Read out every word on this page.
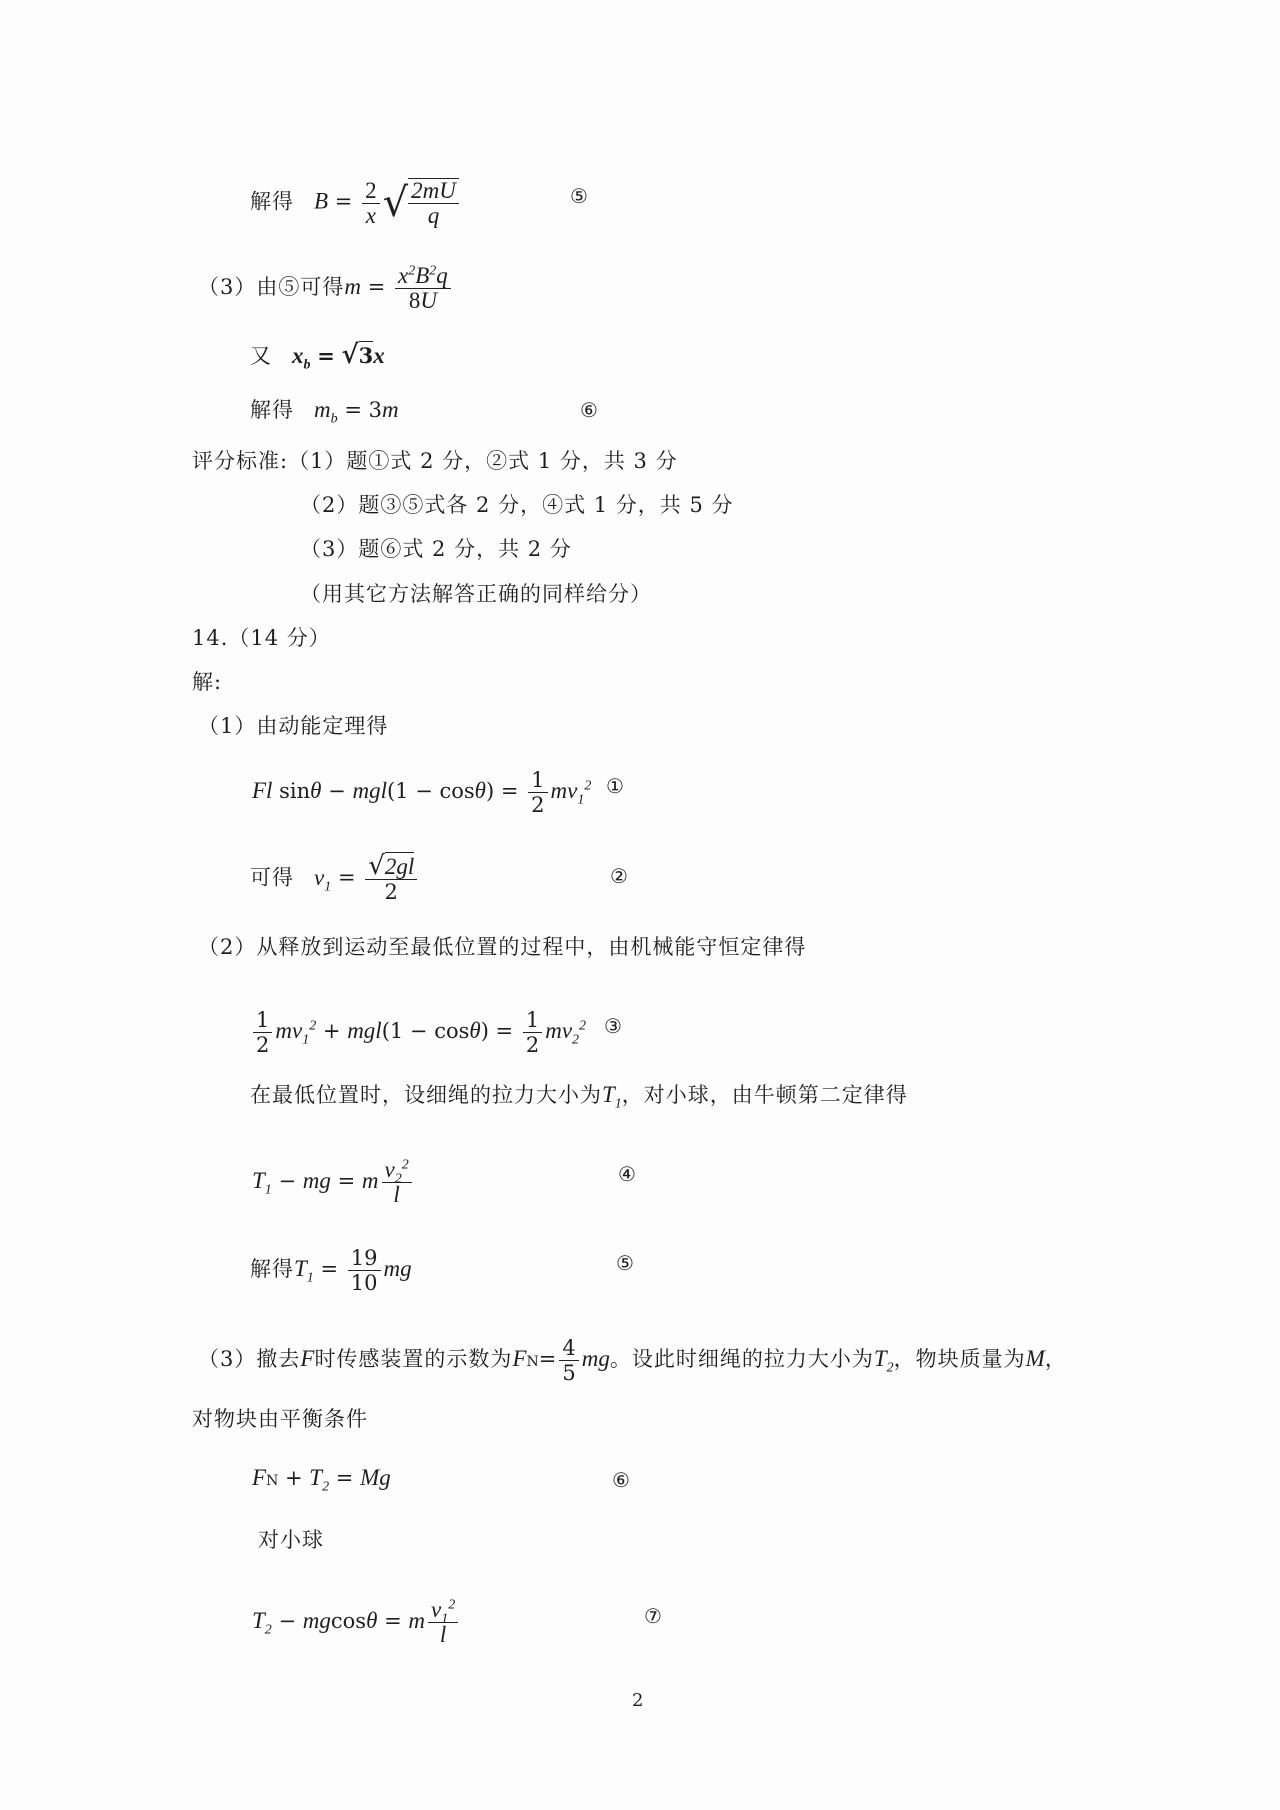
解得 $B = \frac{2}{x}$ √ $\frac{2mU}{q}$	⑤
（3）由⑤可得$m = \frac{x^2B^2q}{8U}$
又 $x_b = √3x$
解得 $m_b = 3m$	⑥
评分标准:（1）题①式 2 分，②式 1 分，共 3 分
（2）题③⑤式各 2 分，④式 1 分，共 5 分
（3）题⑥式 2 分，共 2 分
（用其它方法解答正确的同样给分）
14.（14 分）
解:
（1）由动能定理得
Fl $\sin\theta - mgl(1 - \cos\theta) = \frac{1}{2} mv_1^2$ ①
可得 $v_1 = \frac{√2gl}{2}$	②
（2）从释放到运动至最低位置的过程中，由机械能守恒定律得
$\frac{1}{2} mv_1^2 + mgl(1 - \cos\theta) = \frac{1}{2} mv_2^2$ ③
在最低位置时，设细绳的拉力大小为$T_1$，对小球，由牛顿第二定律得
$T_1$ − mg = m $\frac{v_2^2}{l}$	④
解得$T_1 = \frac{19}{10}$ mg	⑤
（3）撤去F时传感装置的示数为$FN= \frac{4}{5}$ mg。设此时细绳的拉力大小为$T_2$，物块质量为M，
对物块由平衡条件
FN + $T_2 = Mg$	⑥
对小球
$T_2 - mgcos\theta = m \frac{v_1^2}{l}$	⑦
2
